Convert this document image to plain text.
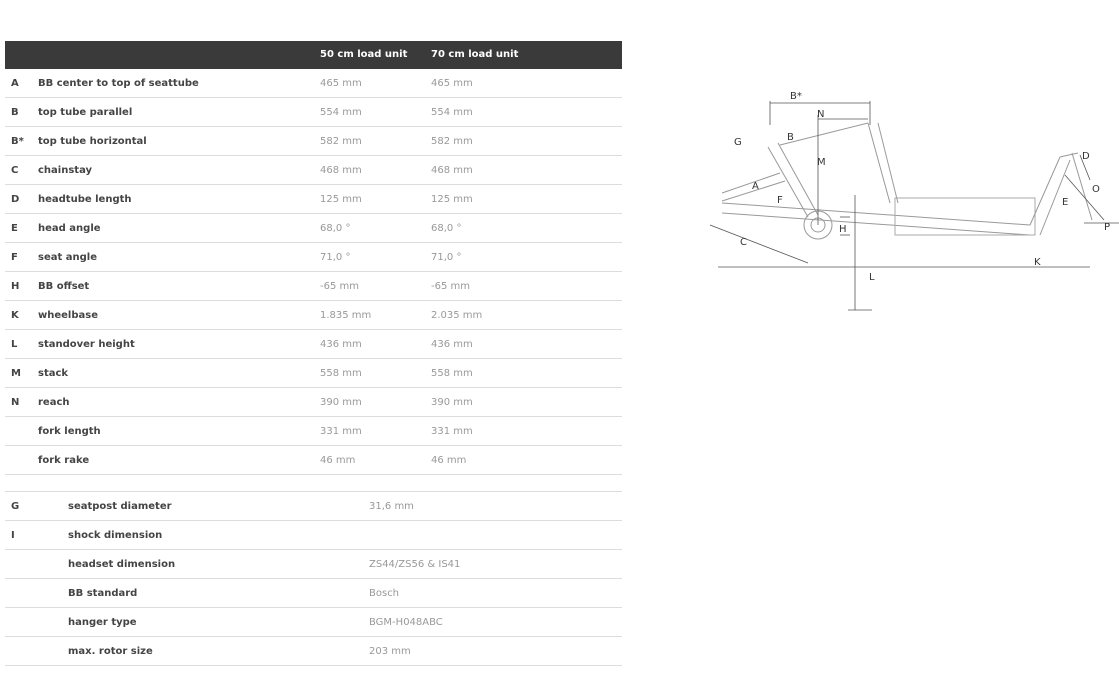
50 cm load unit 70 cm load unit
A BB center to top of seattube	465 mm	465 mm
B top tube parallel	554 mm	554 mm
B* top tube horizontal	582 mm	582 mm
C chainstay	468 mm	468 mm
D headtube length	125 mm	125 mm
E head angle	68,0 °	68,0 °
F seat angle	71,0 °	71,0 °
H BB offset	-65 mm	-65 mm
K wheelbase	1.835 mm	2.035 mm
L standover height	436 mm	436 mm
M stack	558 mm	558 mm
N reach	390 mm	390 mm
fork length	331 mm	331 mm
fork rake	46 mm	46 mm
G	seatpost diameter	31,6 mm
I	shock dimension
headset dimension	ZS44/ZS56 & IS41
BB standard	Bosch
hanger type	BGM-H048ABC
max. rotor size	203 mm
B*
N
B
G
M
A
F
H
C
L
K
D
O
E
P
